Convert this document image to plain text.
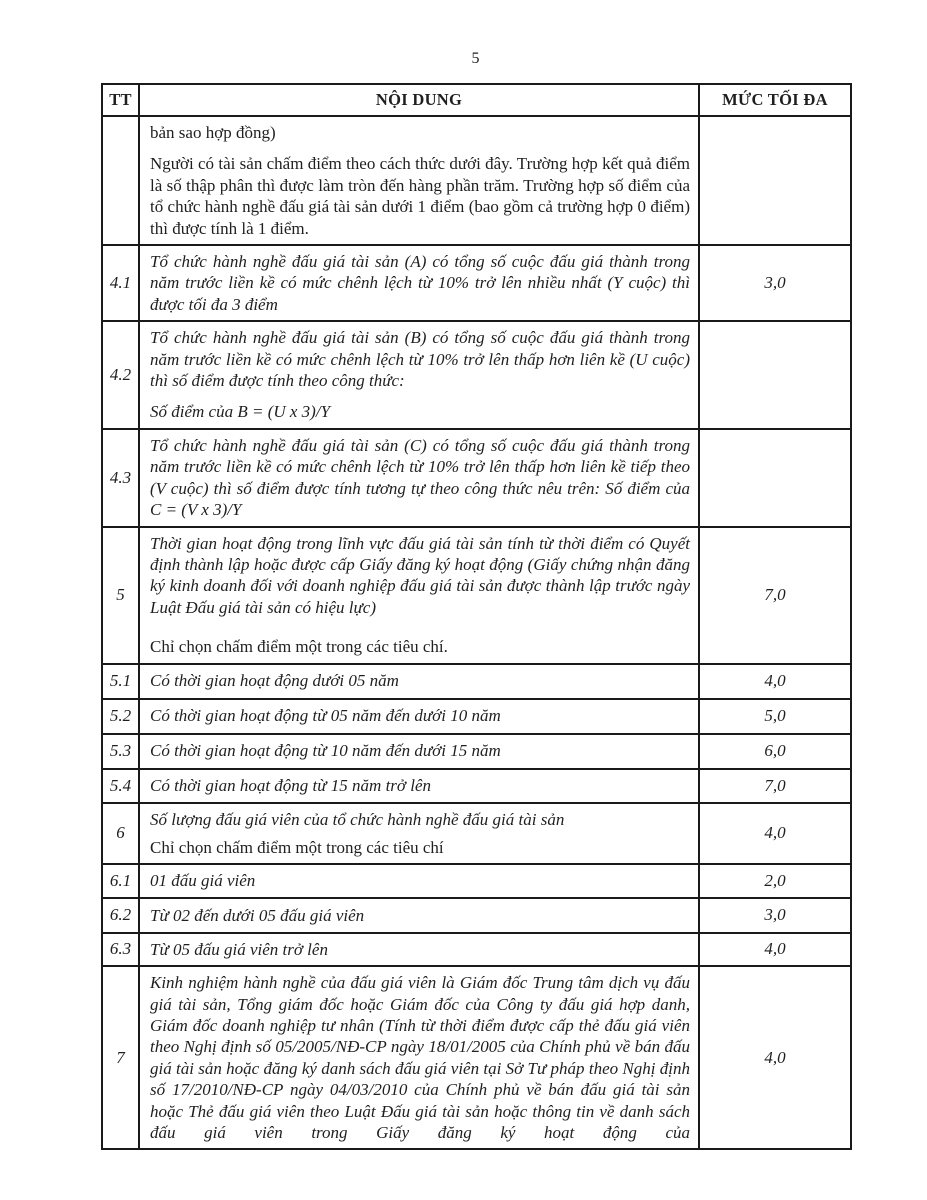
5
TT	NỘI DUNG	MỨC TỐI ĐA

	bản sao hợp đồng)

Người có tài sản chấm điểm theo cách thức dưới đây. Trường hợp kết quả điểm là số thập phân thì được làm tròn đến hàng phần trăm. Trường hợp số điểm của tổ chức hành nghề đấu giá tài sản dưới 1 điểm (bao gồm cả trường hợp 0 điểm) thì được tính là 1 điểm.	

4.1	Tổ chức hành nghề đấu giá tài sản (A) có tổng số cuộc đấu giá thành trong năm trước liền kề có mức chênh lệch từ 10% trở lên nhiều nhất (Y cuộc) thì được tối đa 3 điểm	3,0
4.2	Tổ chức hành nghề đấu giá tài sản (B) có tổng số cuộc đấu giá thành trong năm trước liền kề có mức chênh lệch từ 10% trở lên thấp hơn liên kề (U cuộc) thì số điểm được tính theo công thức:

Số điểm của B = (U x 3)/Y	

4.3	Tổ chức hành nghề đấu giá tài sản (C) có tổng số cuộc đấu giá thành trong năm trước liền kề có mức chênh lệch từ 10% trở lên thấp hơn liên kề tiếp theo (V cuộc) thì số điểm được tính tương tự theo công thức nêu trên: Số điểm của C = (V x 3)/Y	

5	Thời gian hoạt động trong lĩnh vực đấu giá tài sản tính từ thời điểm có Quyết định thành lập hoặc được cấp Giấy đăng ký hoạt động (Giấy chứng nhận đăng ký kinh doanh đối với doanh nghiệp đấu giá tài sản được thành lập trước ngày Luật Đấu giá tài sản có hiệu lực)

Chỉ chọn chấm điểm một trong các tiêu chí.	7,0
5.1	Có thời gian hoạt động dưới 05 năm	4,0
5.2	Có thời gian hoạt động từ 05 năm đến dưới 10 năm	5,0
5.3	Có thời gian hoạt động từ 10 năm đến dưới 15 năm	6,0
5.4	Có thời gian hoạt động từ 15 năm trở lên	7,0
6	Số lượng đấu giá viên của tổ chức hành nghề đấu giá tài sản

Chỉ chọn chấm điểm một trong các tiêu chí	4,0
6.1	01 đấu giá viên	2,0
6.2	Từ 02 đến dưới 05 đấu giá viên	3,0
6.3	Từ 05 đấu giá viên trở lên	4,0
7	Kinh nghiệm hành nghề của đấu giá viên là Giám đốc Trung tâm dịch vụ đấu giá tài sản, Tổng giám đốc hoặc Giám đốc của Công ty đấu giá hợp danh, Giám đốc doanh nghiệp tư nhân (Tính từ thời điểm được cấp thẻ đấu giá viên theo Nghị định số 05/2005/NĐ-CP ngày 18/01/2005 của Chính phủ về bán đấu giá tài sản hoặc đăng ký danh sách đấu giá viên tại Sở Tư pháp theo Nghị định số 17/2010/NĐ-CP ngày 04/03/2010 của Chính phủ về bán đấu giá tài sản hoặc Thẻ đấu giá viên theo Luật Đấu giá tài sản hoặc thông tin về danh sách đấu giá viên trong Giấy đăng ký hoạt động của	4,0
